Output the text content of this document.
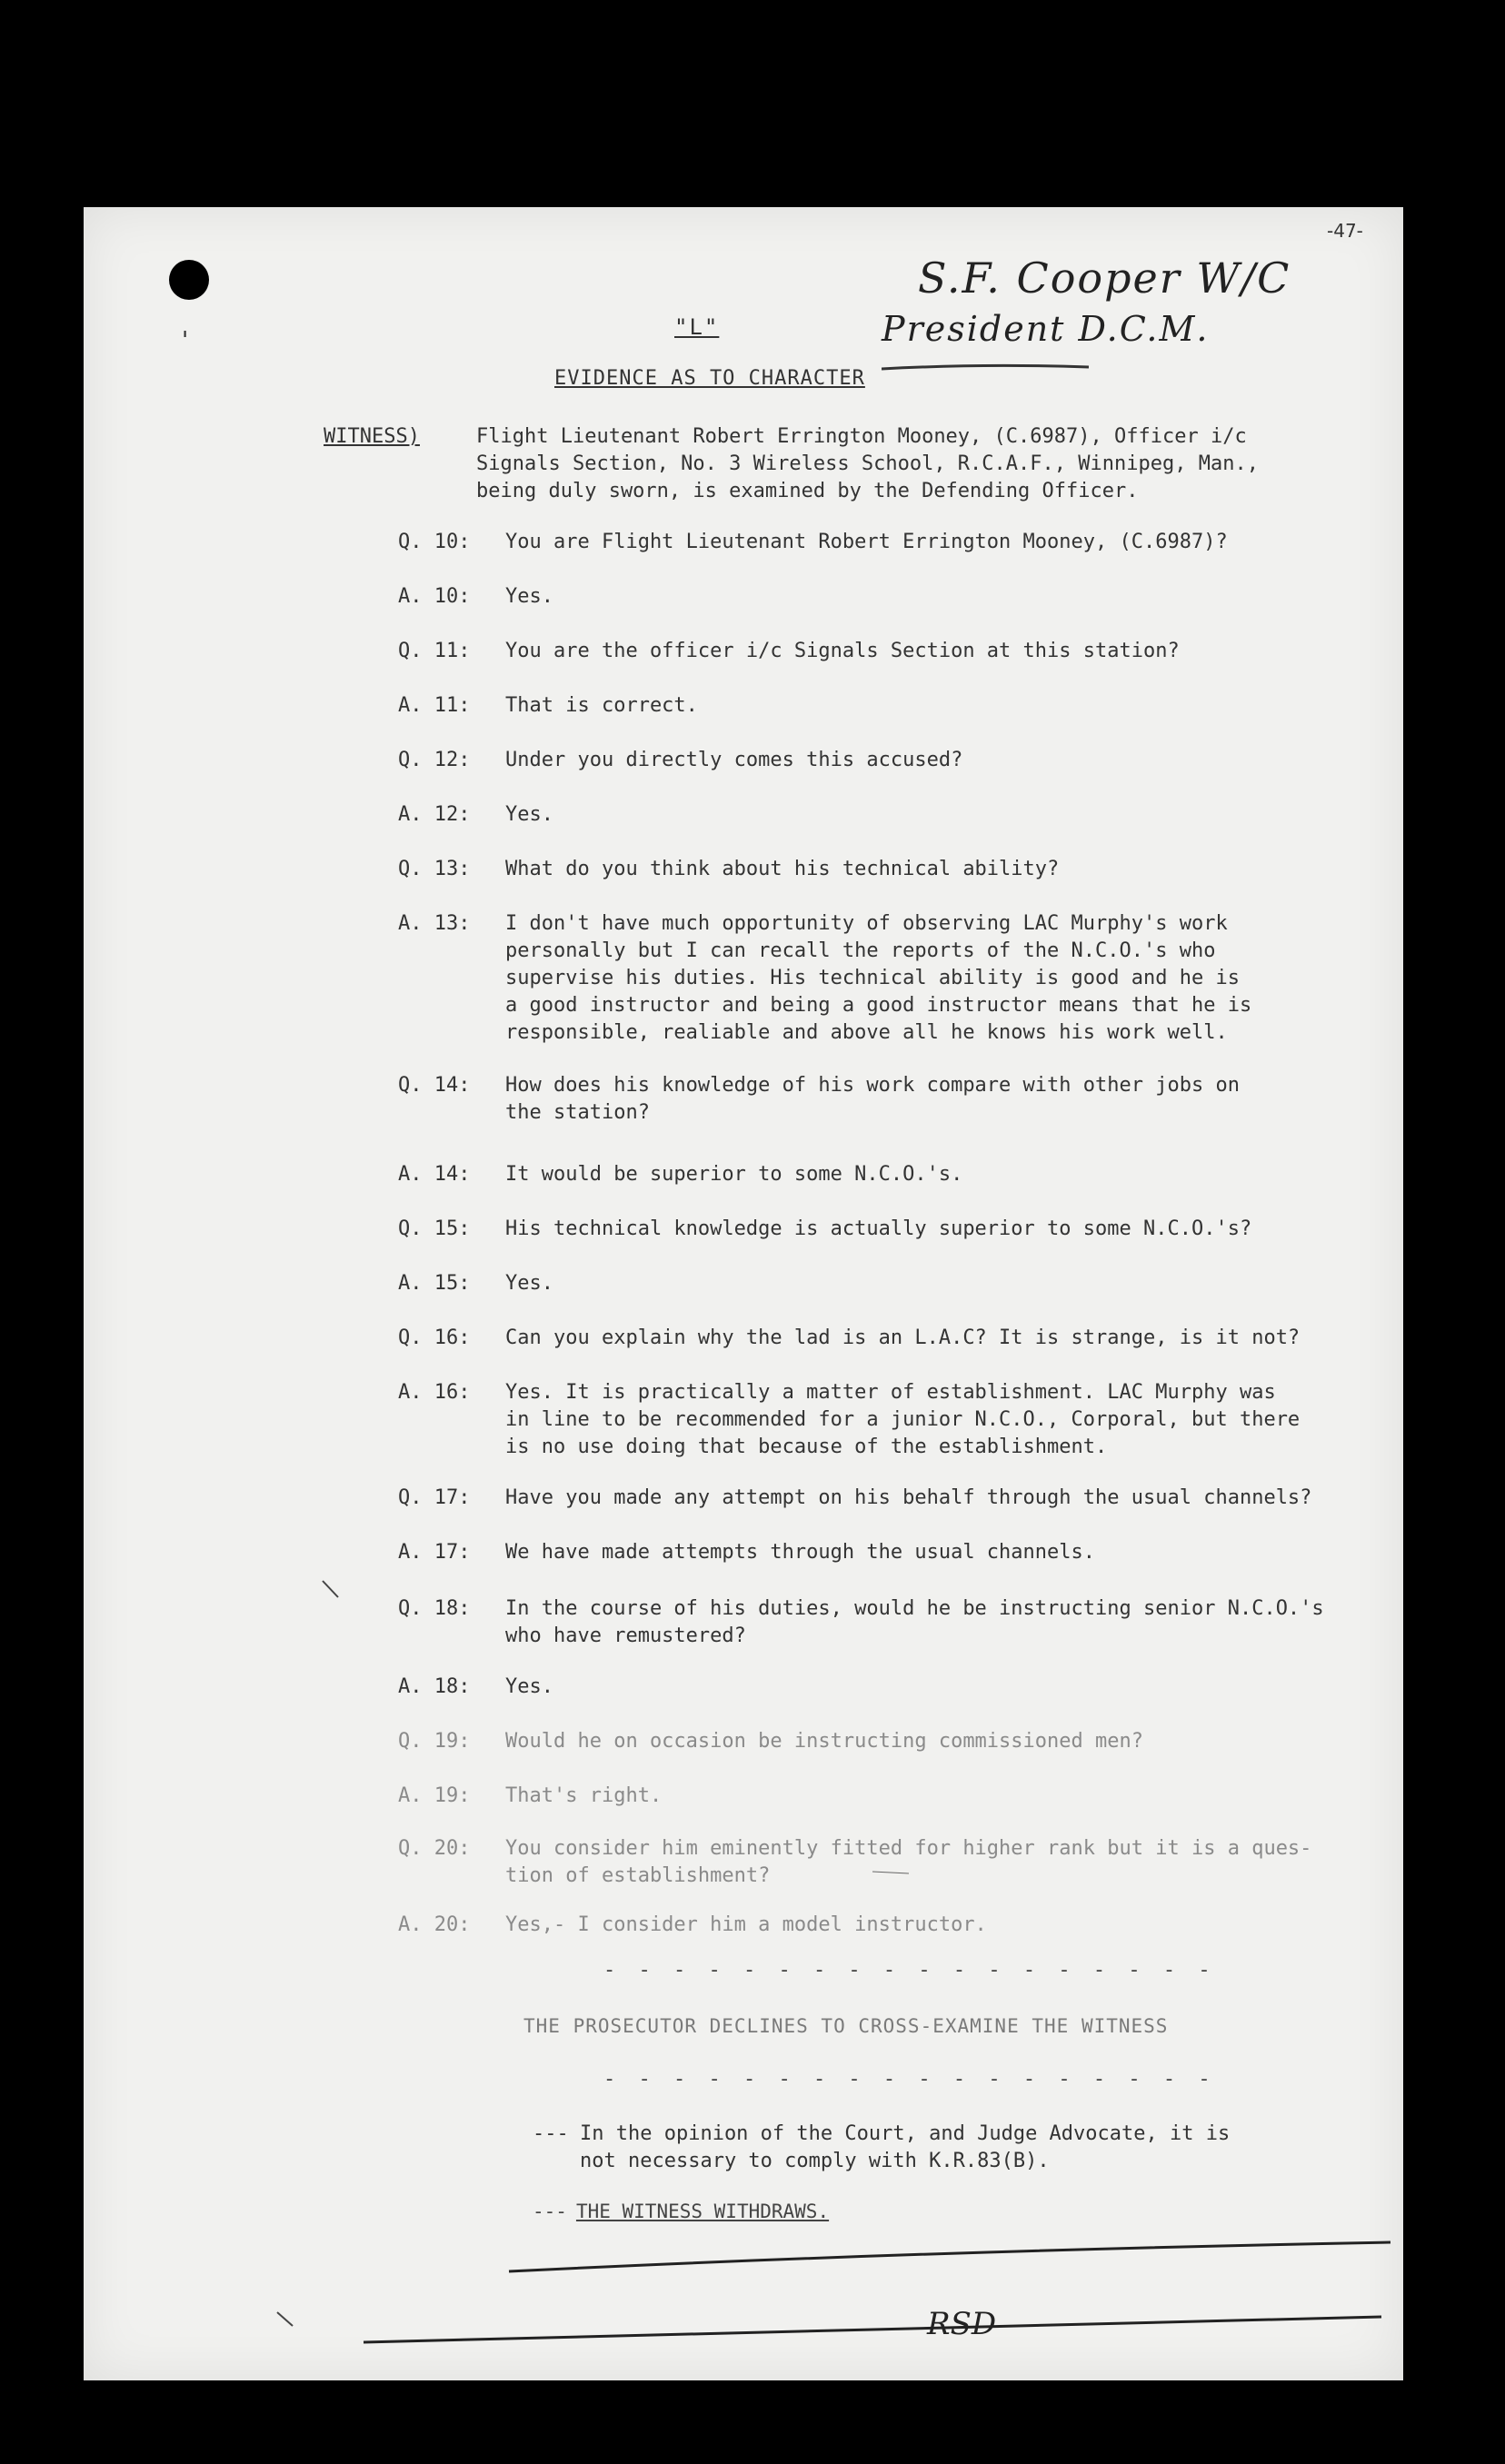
-47-
'
S.F. Cooper W/C
President D.C.M.
"L"
EVIDENCE AS TO CHARACTER
WITNESS)	Flight Lieutenant Robert Errington Mooney, (C.6987), Officer i/c
Signals Section, No. 3 Wireless School, R.C.A.F., Winnipeg, Man.,
being duly sworn, is examined by the Defending Officer.
Q. 10:	You are Flight Lieutenant Robert Errington Mooney, (C.6987)?
A. 10:	Yes.
Q. 11:	You are the officer i/c Signals Section at this station?
A. 11:	That is correct.
Q. 12:	Under you directly comes this accused?
A. 12:	Yes.
Q. 13:	What do you think about his technical ability?
A. 13:	I don't have much opportunity of observing LAC Murphy's work
personally but I can recall the reports of the N.C.O.'s who
supervise his duties. His technical ability is good and he is
a good instructor and being a good instructor means that he is
responsible, realiable and above all he knows his work well.
Q. 14:	How does his knowledge of his work compare with other jobs on
the station?
A. 14:	It would be superior to some N.C.O.'s.
Q. 15:	His technical knowledge is actually superior to some N.C.O.'s?
A. 15:	Yes.
Q. 16:	Can you explain why the lad is an L.A.C? It is strange, is it not?
A. 16:	Yes. It is practically a matter of establishment. LAC Murphy was
in line to be recommended for a junior N.C.O., Corporal, but there
is no use doing that because of the establishment.
Q. 17:	Have you made any attempt on his behalf through the usual channels?
A. 17:	We have made attempts through the usual channels.
Q. 18:	In the course of his duties, would he be instructing senior N.C.O.'s
who have remustered?
A. 18:	Yes.
Q. 19:	Would he on occasion be instructing commissioned men?
A. 19:	That's right.
Q. 20:	You consider him eminently fitted for higher rank but it is a ques-
tion of establishment?
A. 20:	Yes,- I consider him a model instructor.
- - - - - - - - - - - - - - - - - -
THE PROSECUTOR DECLINES TO CROSS-EXAMINE THE WITNESS
- - - - - - - - - - - - - - - - - -
--- In the opinion of the Court, and Judge Advocate, it is
not necessary to comply with K.R.83(B).
--- THE WITNESS WITHDRAWS.
RSD
